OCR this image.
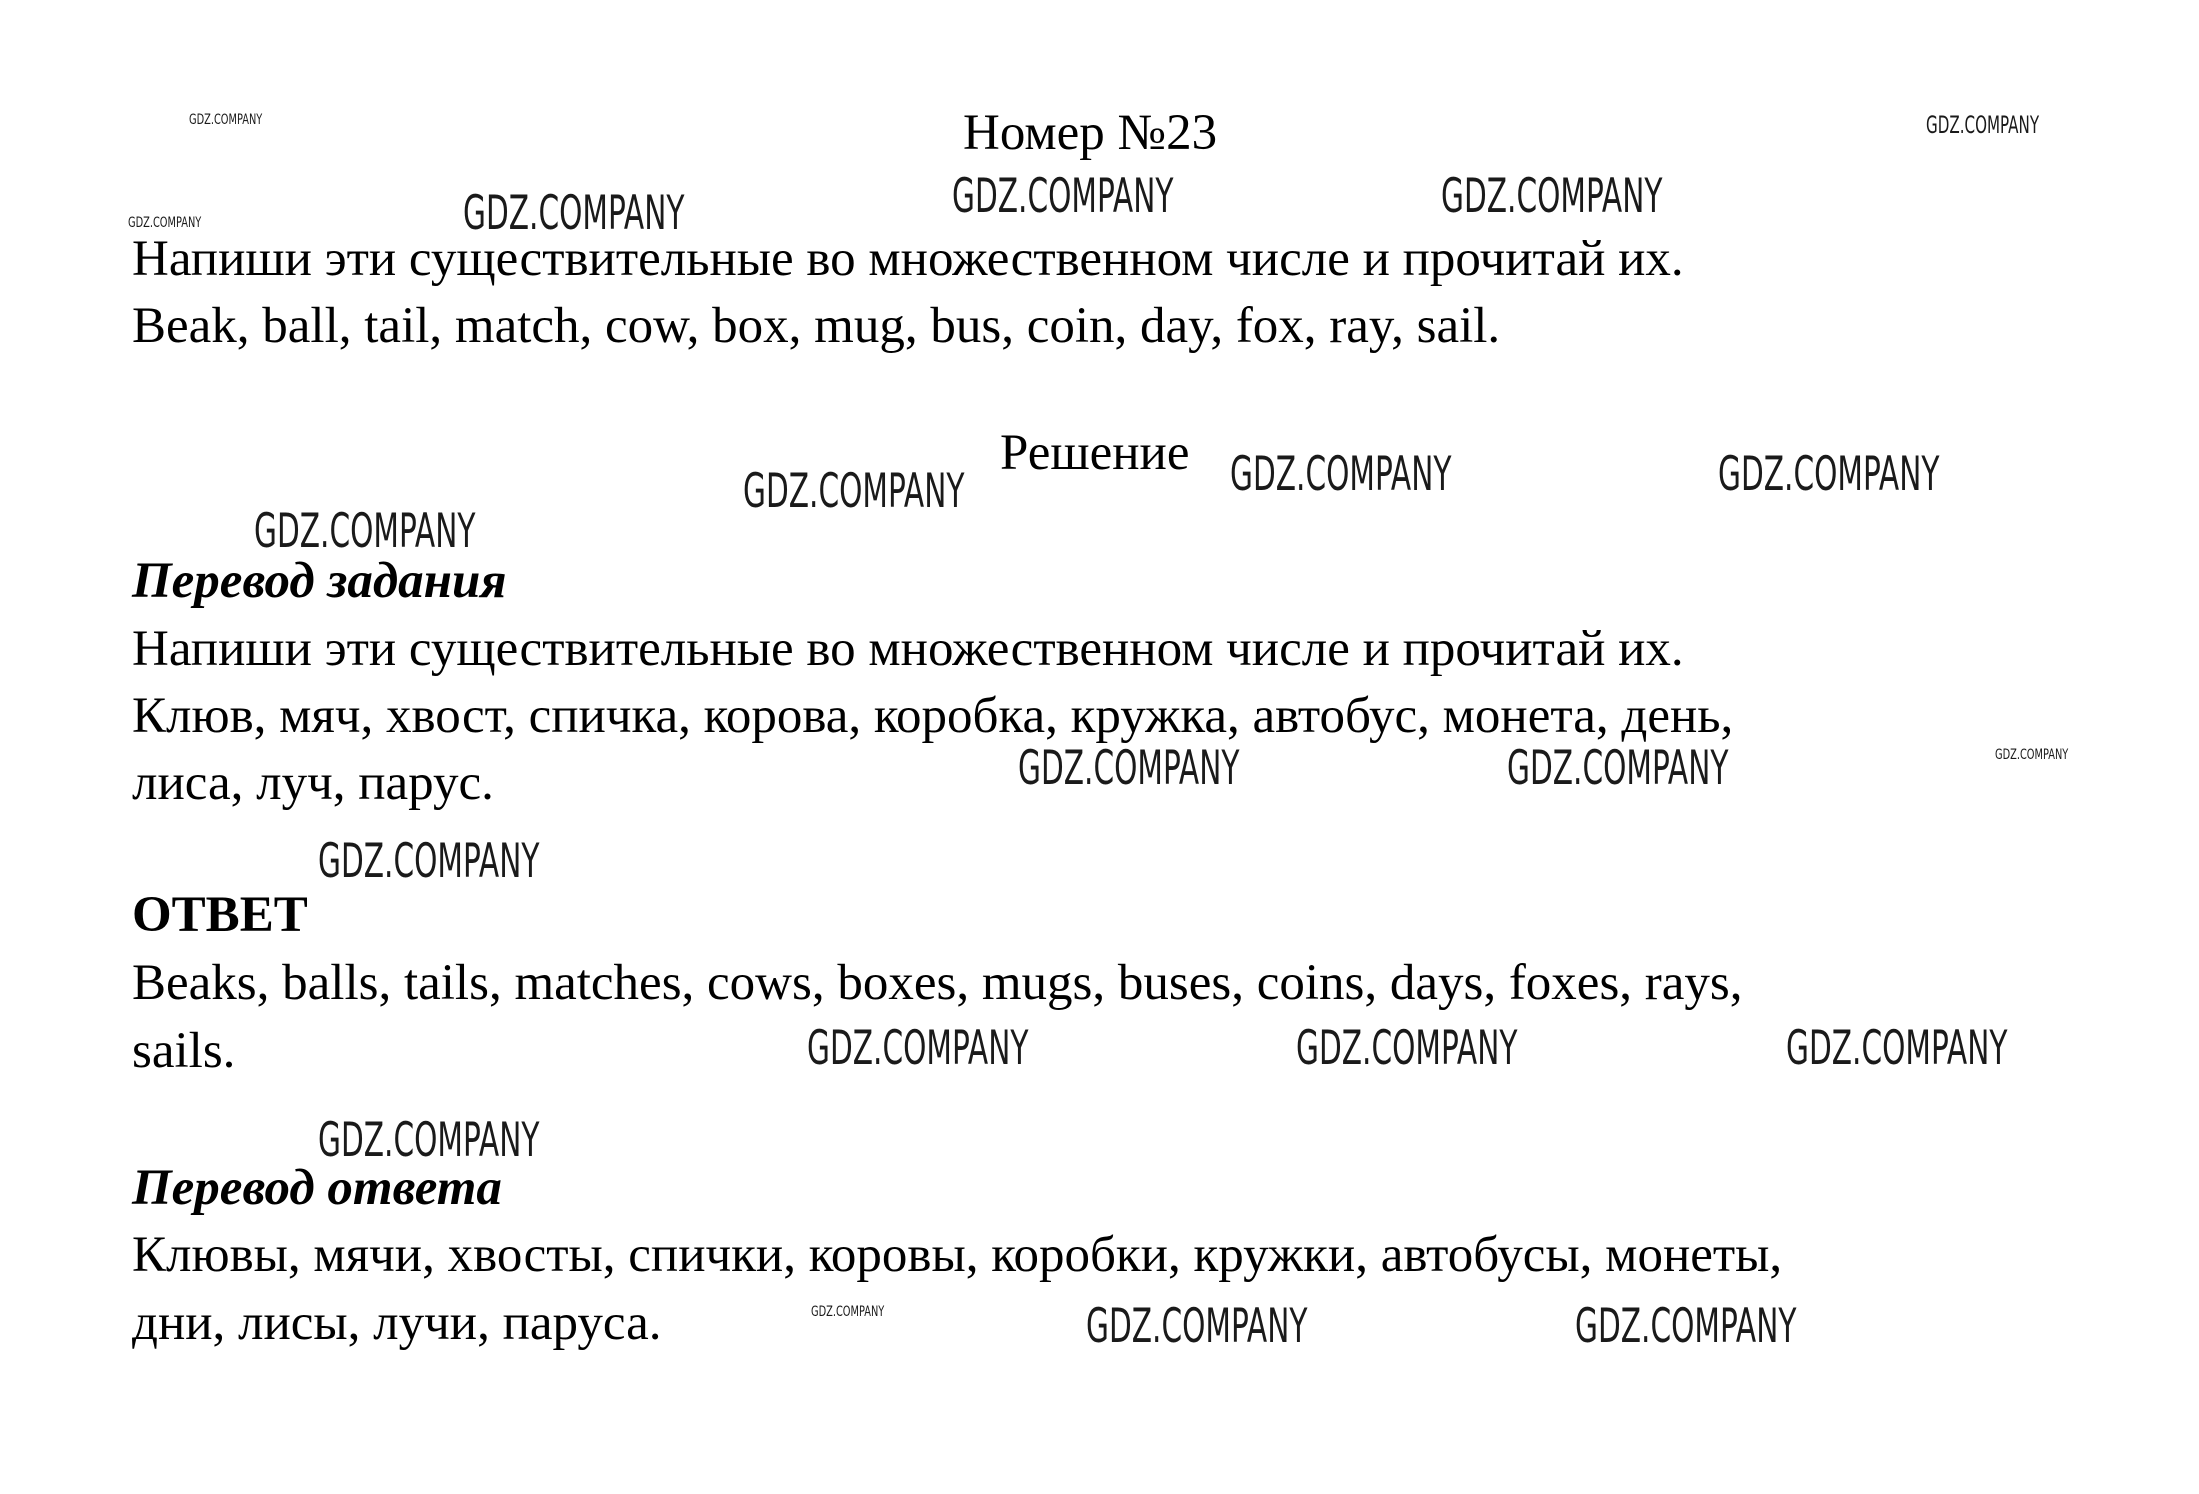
Номер №23

Напиши эти существительные во множественном числе и прочитай их.

Beak, ball, tail, match, cow, box, mug, bus, coin, day, fox, ray, sail.

Решение
Перевод задания

Напиши эти существительные во множественном числе и прочитай их.

Клюв, мяч, хвост, спичка, корова, коробка, кружка, автобус, монета, день,

лиса, луч, парус.

ОТВЕТ

Beaks, balls, tails, matches, cows, boxes, mugs, buses, coins, days, foxes, rays,

sails.

Перевод ответа

Клювы, мячи, хвосты, спички, коровы, коробки, кружки, автобусы, монеты,

дни, лисы, лучи, паруса.

GDZ.COMPANY	GDZ.COMPANY
GDZ.COMPANY	GDZ.COMPANY	GDZ.COMPANY	GDZ.COMPANY
GDZ.COMPANY	GDZ.COMPANY	GDZ.COMPANY
GDZ.COMPANY
GDZ.COMPANY	GDZ.COMPANY	GDZ.COMPANY
GDZ.COMPANY
GDZ.COMPANY	GDZ.COMPANY	GDZ.COMPANY
GDZ.COMPANY
GDZ.COMPANY	GDZ.COMPANY	GDZ.COMPANY
